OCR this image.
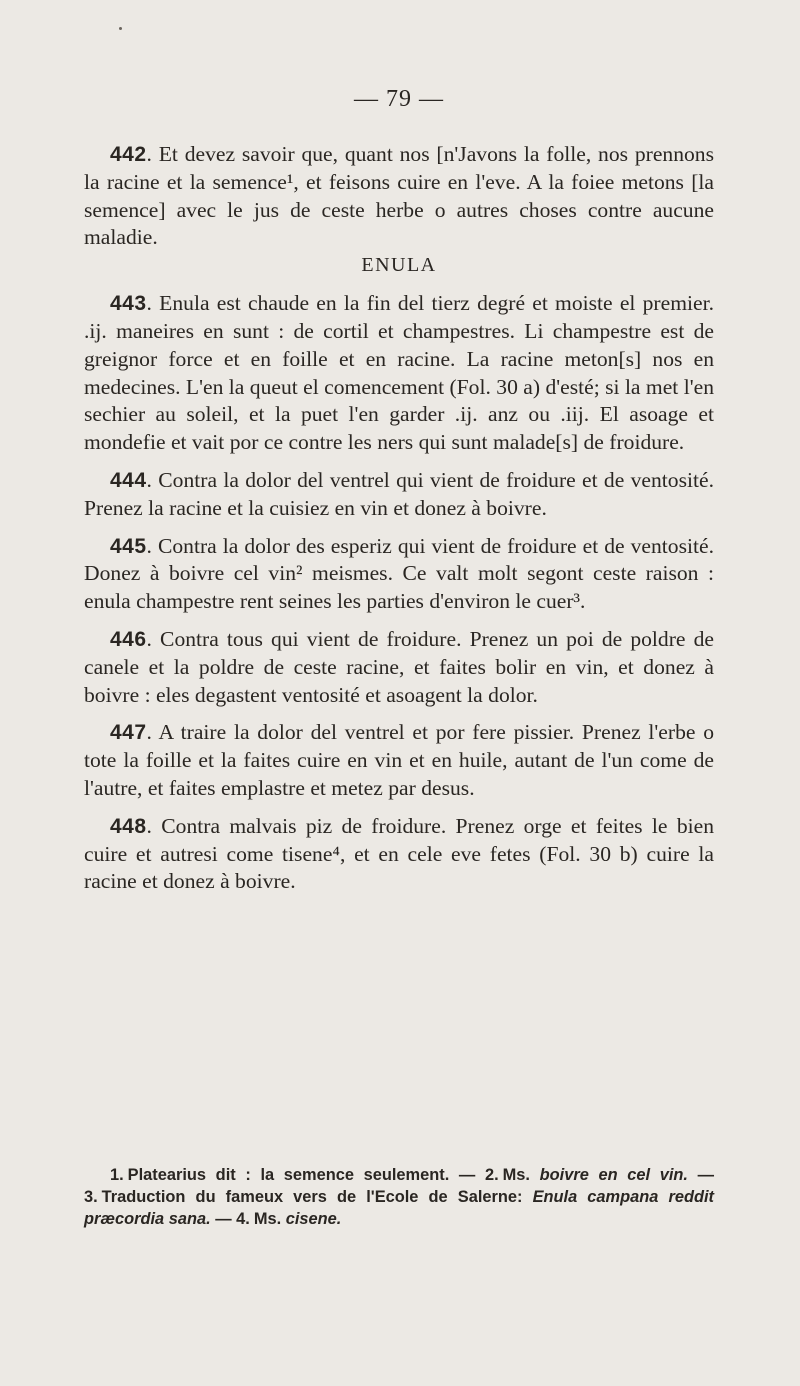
— 79 —

442. Et devez savoir que, quant nos [n'Javons la folle, nos prennons la racine et la semence¹, et feisons cuire en l'eve. A la foiee metons [la semence] avec le jus de ceste herbe o autres choses contre aucune maladie.

ENULA

443. Enula est chaude en la fin del tierz degré et moiste el premier. .ij. maneires en sunt : de cortil et champestres. Li champestre est de greignor force et en foille et en racine. La racine meton[s] nos en medecines. L'en la queut el comencement (Fol. 30 a) d'esté; si la met l'en sechier au soleil, et la puet l'en garder .ij. anz ou .iij. El asoage et mondefie et vait por ce contre les ners qui sunt malade[s] de froidure.

444. Contra la dolor del ventrel qui vient de froidure et de ventosité. Prenez la racine et la cuisiez en vin et donez à boivre.

445. Contra la dolor des esperiz qui vient de froidure et de ventosité. Donez à boivre cel vin² meismes. Ce valt molt segont ceste raison : enula champestre rent seines les parties d'environ le cuer³.

446. Contra tous qui vient de froidure. Prenez un poi de poldre de canele et la poldre de ceste racine, et faites bolir en vin, et donez à boivre : eles degastent ventosité et asoagent la dolor.

447. A traire la dolor del ventrel et por fere pissier. Prenez l'erbe o tote la foille et la faites cuire en vin et en huile, autant de l'un come de l'autre, et faites emplastre et metez par desus.

448. Contra malvais piz de froidure. Prenez orge et feites le bien cuire et autresi come tisene⁴, et en cele eve fetes (Fol. 30 b) cuire la racine et donez à boivre.

1. Platearius dit : la semence seulement. — 2. Ms. boivre en cel vin. — 3. Traduction du fameux vers de l'Ecole de Salerne: Enula campana reddit præcordia sana. — 4. Ms. cisene.
